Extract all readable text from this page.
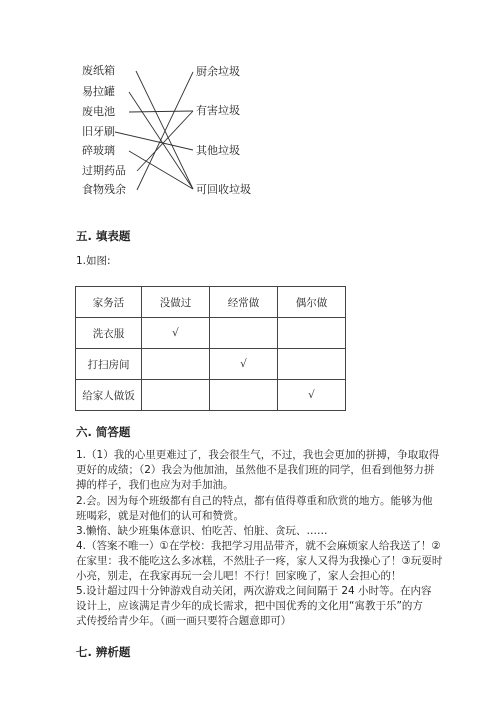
废纸箱
易拉罐
废电池
旧牙刷
碎玻璃
过期药品
食物残余
厨余垃圾
有害垃圾
其他垃圾
可回收垃圾
五. 填表题
1.如图:
家务活	没做过	经常做	偶尔做
洗衣服	√		
打扫房间		√	
给家人做饭			√
六. 简答题
1.（1）我的心里更难过了，我会很生气，不过，我也会更加的拼搏，争取取得
更好的成绩；（2）我会为他加油，虽然他不是我们班的同学，但看到他努力拼
搏的样子，我们也应为对手加油。
2.会。因为每个班级都有自己的特点，都有值得尊重和欣赏的地方。能够为他
班喝彩，就是对他们的认可和赞赏。
3.懒惰、缺少班集体意识、怕吃苦、怕脏、贪玩、……
4.（答案不唯一）①在学校：我把学习用品带齐，就不会麻烦家人给我送了！②
在家里：我不能吃这么多冰糕，不然肚子一疼，家人又得为我操心了！③玩耍时
小亮，别走，在我家再玩一会儿吧！不行！回家晚了，家人会担心的！
5.设计超过四十分钟游戏自动关闭，两次游戏之间间隔于 24 小时等。在内容
设计上，应该满足青少年的成长需求，把中国优秀的文化用“寓教于乐”的方
式传授给青少年。（画一画只要符合题意即可）
七. 辨析题
